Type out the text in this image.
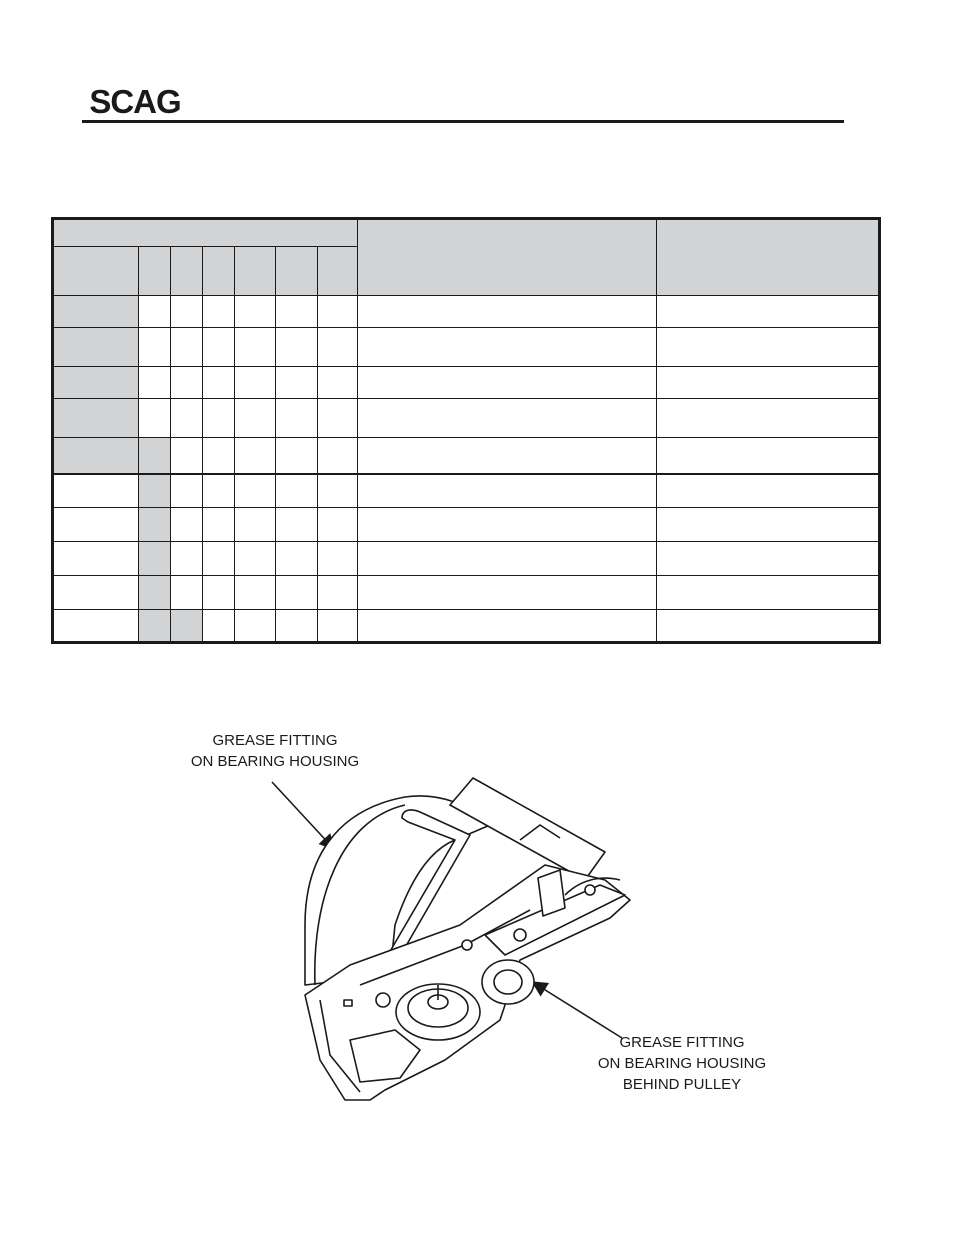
SCAG

GREASE FITTING
ON BEARING HOUSING
GREASE FITTING
ON BEARING HOUSING
BEHIND PULLEY
